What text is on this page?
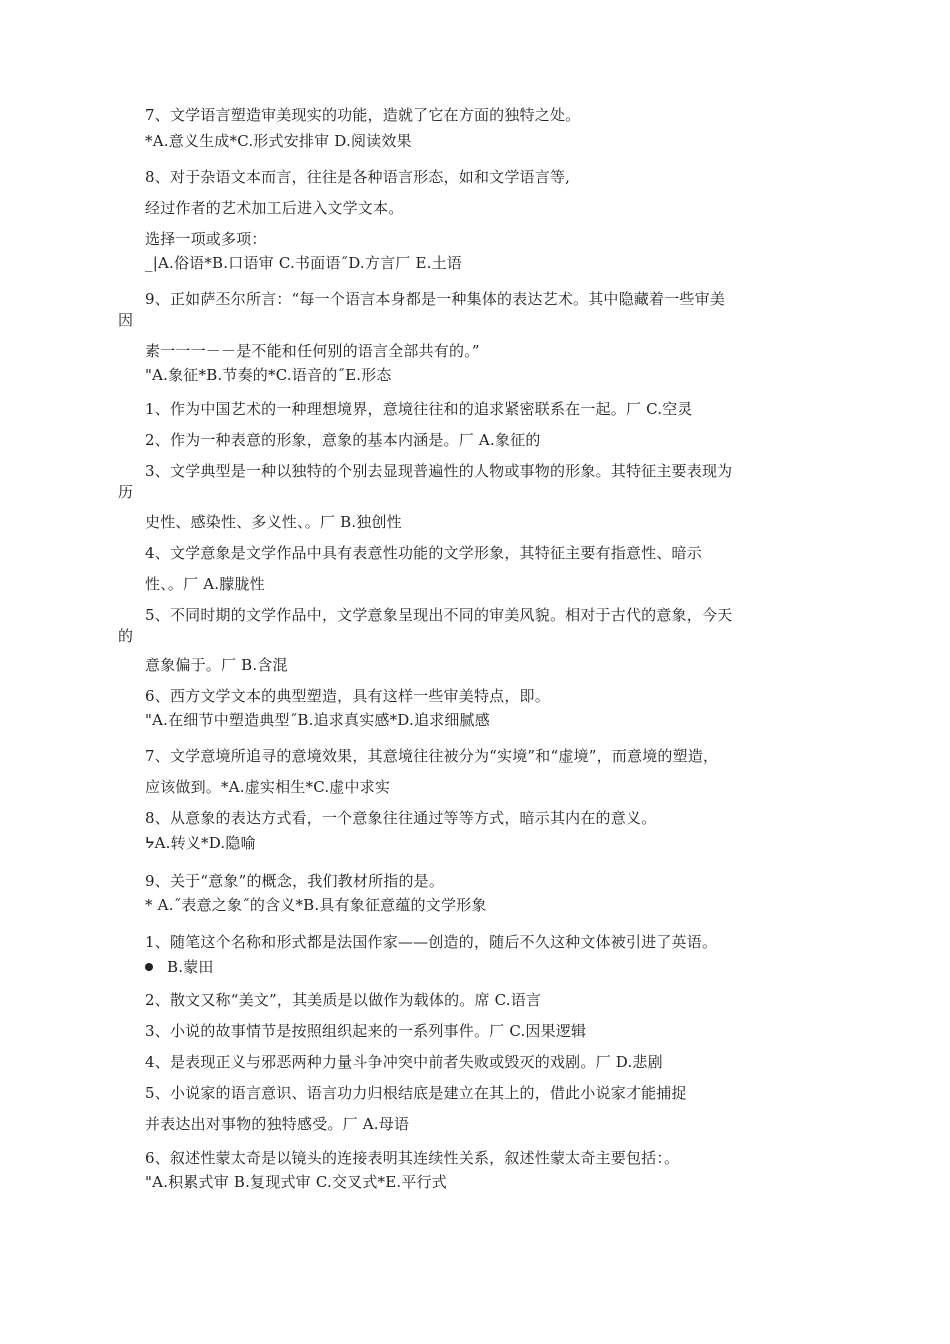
7、文学语言塑造审美现实的功能，造就了它在方面的独特之处。
*A.意义生成*C.形式安排审 D.阅读效果
8、对于杂语文本而言，往往是各种语言形态，如和文学语言等,
经过作者的艺术加工后进入文学文本。
选择一项或多项：
_|A.俗语*B.口语审 C.书面语˝D.方言厂 E.土语
9、正如萨丕尔所言：“每一个语言本身都是一种集体的表达艺术。其中隐藏着一些审美
因
素一一一－－是不能和任何别的语言全部共有的。”
"A.象征*B.节奏的*C.语音的˝E.形态
1、作为中国艺术的一种理想境界，意境往往和的追求紧密联系在一起。厂 C.空灵
2、作为一种表意的形象，意象的基本内涵是。厂 A.象征的
3、文学典型是一种以独特的个别去显现普遍性的人物或事物的形象。其特征主要表现为
历
史性、感染性、多义性、。厂 B.独创性
4、文学意象是文学作品中具有表意性功能的文学形象，其特征主要有指意性、暗示
性、。厂 A.朦胧性
5、不同时期的文学作品中，文学意象呈现出不同的审美风貌。相对于古代的意象，今天
的
意象偏于。厂 B.含混
6、西方文学文本的典型塑造，具有这样一些审美特点，即。
"A.在细节中塑造典型˝B.追求真实感*D.追求细腻感
7、文学意境所追寻的意境效果，其意境往往被分为“实境”和“虚境”，而意境的塑造，
应该做到。*A.虚实相生*C.虚中求实
8、从意象的表达方式看，一个意象往往通过等等方式，暗示其内在的意义。
ᔭA.转义*D.隐喻
9、关于“意象”的概念，我们教材所指的是。
* A.˝表意之象˝的含义*B.具有象征意蕴的文学形象
1、随笔这个名称和形式都是法国作家——创造的，随后不久这种文体被引进了英语。
B.蒙田
2、散文又称“美文”，其美质是以做作为载体的。席 C.语言
3、小说的故事情节是按照组织起来的一系列事件。厂 C.因果逻辑
4、是表现正义与邪恶两种力量斗争冲突中前者失败或毁灭的戏剧。厂 D.悲剧
5、小说家的语言意识、语言功力归根结底是建立在其上的，借此小说家才能捕捉
并表达出对事物的独特感受。厂 A.母语
6、叙述性蒙太奇是以镜头的连接表明其连续性关系，叙述性蒙太奇主要包括：。
"A.积累式审 B.复现式审 C.交叉式*E.平行式
